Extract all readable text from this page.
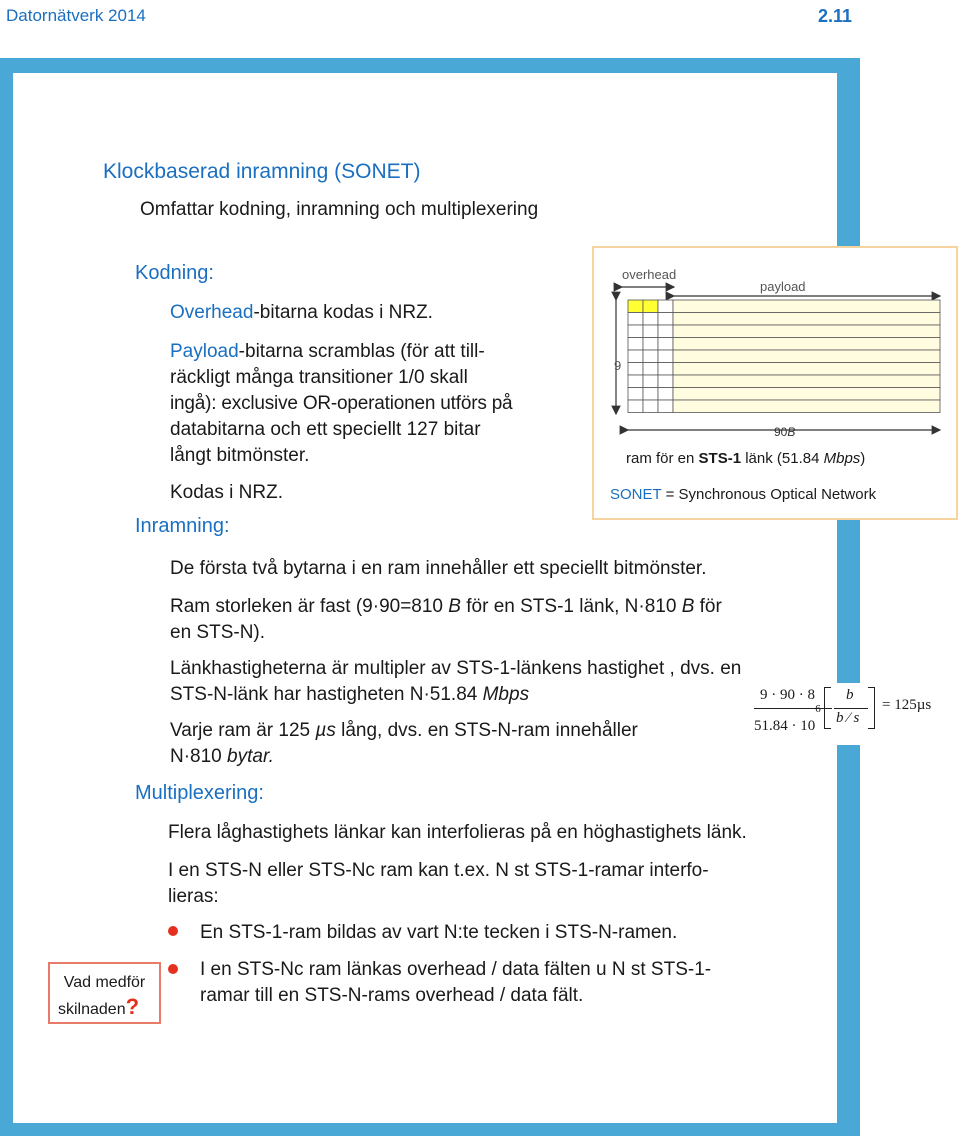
Datornätverk 2014	2.11
Klockbaserad inramning (SONET)
Omfattar kodning, inramning och multiplexering
Kodning:
Overhead-bitarna kodas i NRZ.
Payload-bitarna scramblas (för att till-
räckligt många transitioner 1/0 skall
ingå): exclusive OR-operationen utförs på
databitarna och ett speciellt 127 bitar
långt bitmönster.
Kodas i NRZ.
Inramning:
De första två bytarna i en ram innehåller ett speciellt bitmönster.
Ram storleken är fast (9·90=810 B för en STS-1 länk, N·810 B för
en STS-N).
Länkhastigheterna är multipler av STS-1-länkens hastighet , dvs. en
STS-N-länk har hastigheten N·51.84 Mbps
Varje ram är 125 µs lång, dvs. en STS-N-ram innehåller
N·810 bytar.
Multiplexering:
Flera låghastighets länkar kan interfolieras på en höghastighets länk.
I en STS-N eller STS-Nc ram kan t.ex. N st STS-1-ramar interfo-
lieras:
En STS-1-ram bildas av vart N:te tecken i STS-N-ramen.
I en STS-Nc ram länkas overhead / data fälten u N st STS-1-
ramar till en STS-N-rams overhead / data fält.
Vad medför
skilnaden?
overhead
payload
9
90B
ram för en STS-1 länk (51.84 Mbps)
SONET = Synchronous Optical Network
9 · 90 · 8
$51.84 \cdot 10^6$
b
b ⁄ s
= 125µs
